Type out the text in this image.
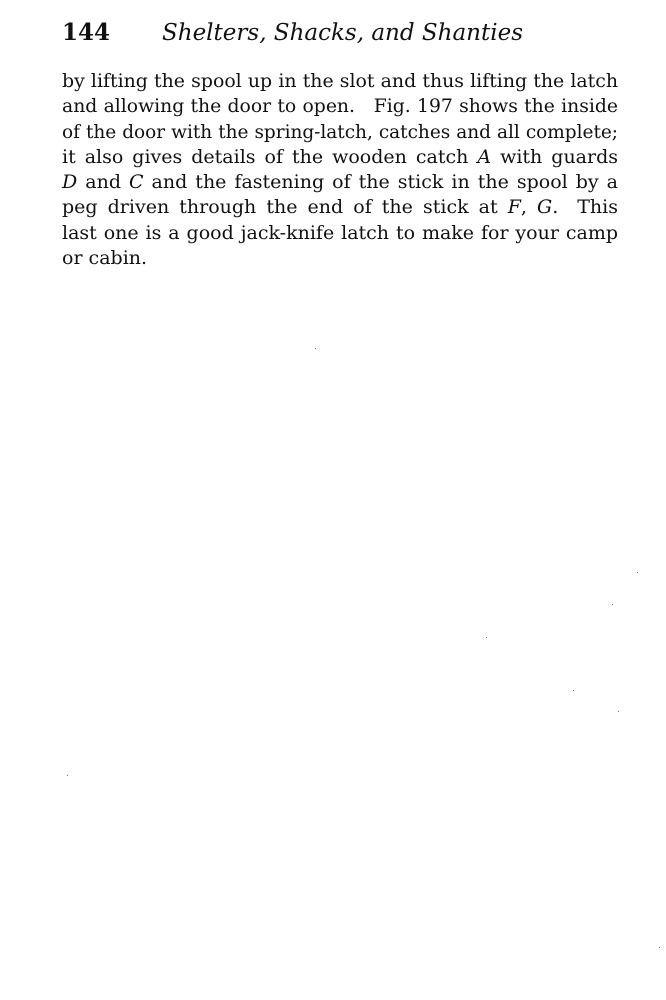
144 Shelters, Shacks, and Shanties
by lifting the spool up in the slot and thus lifting the latch
and allowing the door to open. Fig. 197 shows the inside
of the door with the spring-latch, catches and all complete;
it also gives details of the wooden catch A with guards
D and C and the fastening of the stick in the spool by a
peg driven through the end of the stick at F, G. This
last one is a good jack-knife latch to make for your camp
or cabin.
